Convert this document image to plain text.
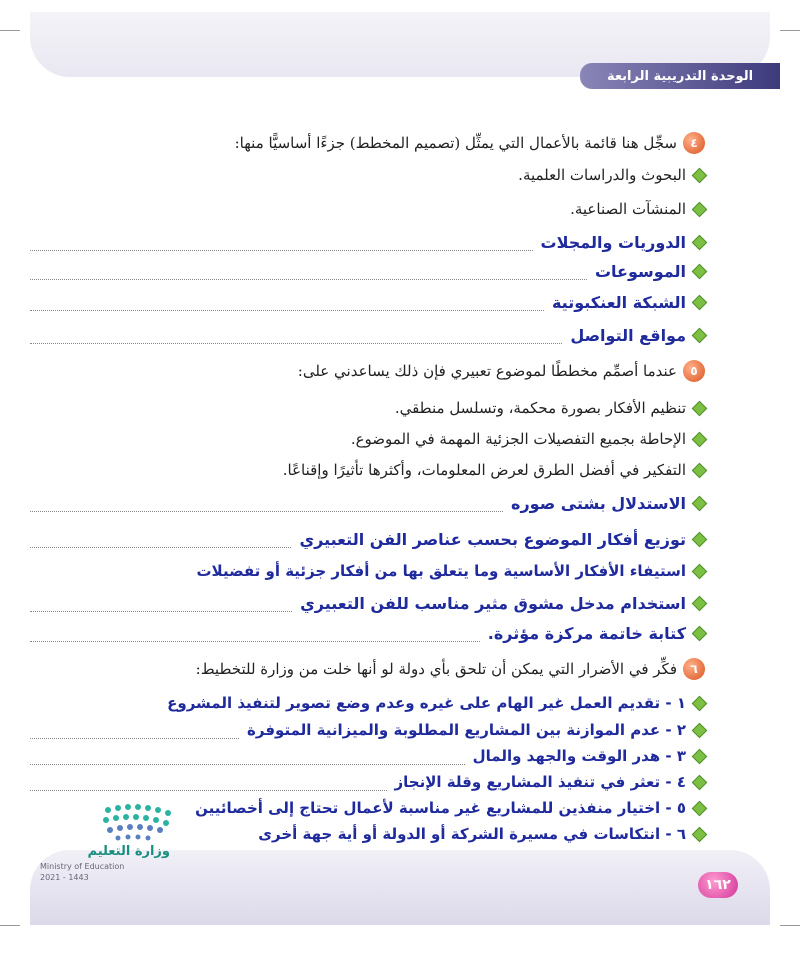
الوحدة التدريبية الرابعة
٤
سجِّل هنا قائمة بالأعمال التي يمثِّل (تصميم المخطط) جزءًا أساسيًّا منها:
البحوث والدراسات العلمية.
المنشآت الصناعية.
الدوريات والمجلات
الموسوعات
الشبكة العنكبوتية
مواقع التواصل
٥
عندما أصمِّم مخططًا لموضوع تعبيري فإن ذلك يساعدني على:
تنظيم الأفكار بصورة محكمة، وتسلسل منطقي.
الإحاطة بجميع التفصيلات الجزئية المهمة في الموضوع.
التفكير في أفضل الطرق لعرض المعلومات، وأكثرها تأثيرًا وإقناعًا.
الاستدلال بشتى صوره
توزيع أفكار الموضوع بحسب عناصر الفن التعبيري
استيفاء الأفكار الأساسية وما يتعلق بها من أفكار جزئية أو تفضيلات
استخدام مدخل مشوق مثير مناسب للفن التعبيري
كتابة خاتمة مركزة مؤثرة.
٦
فكِّر في الأضرار التي يمكن أن تلحق بأي دولة لو أنها خلت من وزارة للتخطيط:
١ - تقديم العمل غير الهام على غيره وعدم وضع تصوير لتنفيذ المشروع
٢ - عدم الموازنة بين المشاريع المطلوبة والميزانية المتوفرة
٣ - هدر الوقت والجهد والمال
٤ - تعثر في تنفيذ المشاريع وقلة الإنجاز
٥ - اختيار منفذين للمشاريع غير مناسبة لأعمال تحتاج إلى أخصائيين
٦ - انتكاسات في مسيرة الشركة أو الدولة أو أية جهة أخرى
وزارة التعليم
Ministry of Education
2021 - 1443	١٦٢
